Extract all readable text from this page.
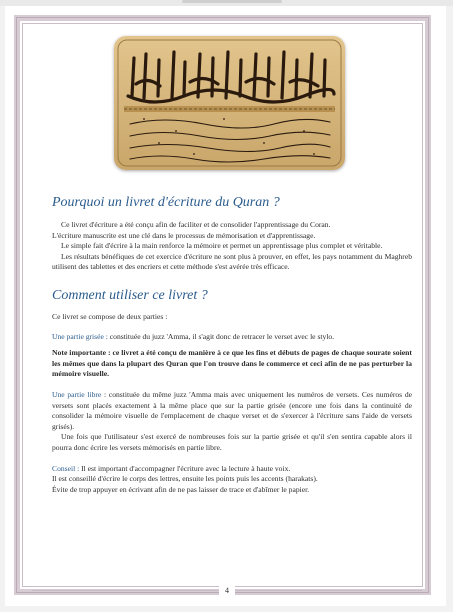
Pourquoi un livret d'écriture du Quran ?

Ce livret d'écriture a été conçu afin de faciliter et de consolider l'apprentissage du Coran.

L'écriture manuscrite est une clé dans le processus de mémorisation et d'apprentissage.

Le simple fait d'écrire à la main renforce la mémoire et permet un apprentissage plus complet et véritable.

Les résultats bénéfiques de cet exercice d'écriture ne sont plus à prouver, en effet, les pays notamment du Maghreb utilisent des tablettes et des encriers et cette méthode s'est avérée très efficace.

Comment utiliser ce livret ?

Ce livret se compose de deux parties :

Une partie grisée : constituée du juzz 'Amma, il s'agit donc de retracer le verset avec le stylo.

Note importante : ce livret a été conçu de manière à ce que les fins et débuts de pages de chaque sourate soient les mêmes que dans la plupart des Quran que l'on trouve dans le commerce et ceci afin de ne pas perturber la mémoire visuelle.

Une partie libre : constituée du même juzz 'Amma mais avec uniquement les numéros de versets. Ces numéros de versets sont placés exactement à la même place que sur la partie grisée (encore une fois dans la continuité de consolider la mémoire visuelle de l'emplacement de chaque verset et de s'exercer à l'écriture sans l'aide de versets grisés).

Une fois que l'utilisateur s'est exercé de nombreuses fois sur la partie grisée et qu'il s'en sentira capable alors il pourra donc écrire les versets mémorisés en partie libre.

Conseil : Il est important d'accompagner l'écriture avec la lecture à haute voix.

Il est conseillé d'écrire le corps des lettres, ensuite les points puis les accents (harakats).

Évite de trop appuyer en écrivant afin de ne pas laisser de trace et d'abîmer le papier.

4
